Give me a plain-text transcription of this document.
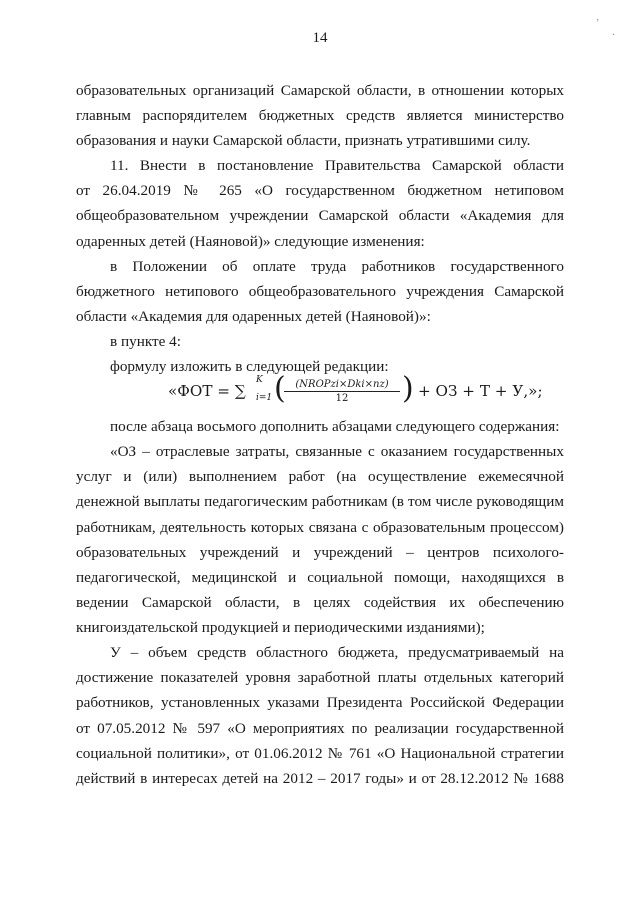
14
образовательных организаций Самарской области, в отношении которых
главным распорядителем бюджетных средств является министерство
образования и науки Самарской области, признать утратившими силу.
11. Внести в постановление Правительства Самарской области
от 26.04.2019 № 265 «О государственном бюджетном нетиповом
общеобразовательном учреждении Самарской области «Академия для
одаренных детей (Наяновой)» следующие изменения:
в Положении об оплате труда работников государственного
бюджетного нетипового общеобразовательного учреждения Самарской
области «Академия для одаренных детей (Наяновой)»:
в пункте 4:
формулу изложить в следующей редакции:
«ФОТ = ∑
K
i=1 ( (NROPzi×Dki×nz)
12	) + ОЗ + T + У,»;
после абзаца восьмого дополнить абзацами следующего содержания:
«ОЗ – отраслевые затраты, связанные с оказанием государственных
услуг и (или) выполнением работ (на осуществление ежемесячной
денежной выплаты педагогическим работникам (в том числе руководящим
работникам, деятельность которых связана с образовательным процессом)
образовательных учреждений и учреждений – центров психолого-
педагогической, медицинской и социальной помощи, находящихся в
ведении Самарской области, в целях содействия их обеспечению
книгоиздательской продукцией и периодическими изданиями);
У – объем средств областного бюджета, предусматриваемый на
достижение показателей уровня заработной платы отдельных категорий
работников, установленных указами Президента Российской Федерации
от 07.05.2012 № 597 «О мероприятиях по реализации государственной
социальной политики», от 01.06.2012 № 761 «О Национальной стратегии
действий в интересах детей на 2012 – 2017 годы» и от 28.12.2012 № 1688
‚
·
